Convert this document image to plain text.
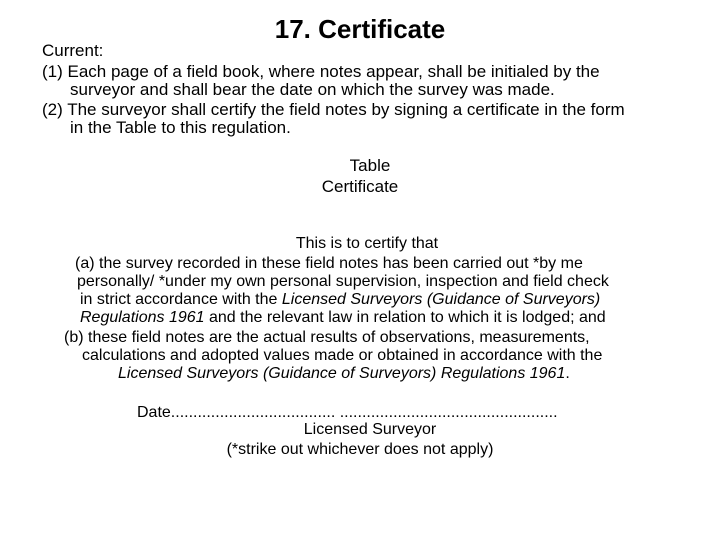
17. Certificate
Current:
(1) Each page of a field book, where notes appear, shall be initialed by the
surveyor and shall bear the date on which the survey was made.
(2) The surveyor shall certify the field notes by signing a certificate in the form
in the Table to this regulation.
Table
Certificate
This is to certify that
(a) the survey recorded in these field notes has been carried out *by me
personally/ *under my own personal supervision, inspection and field check
in strict accordance with the Licensed Surveyors (Guidance of Surveyors)
Regulations 1961 and the relevant law in relation to which it is lodged; and
(b) these field notes are the actual results of observations, measurements,
calculations and adopted values made or obtained in accordance with the
Licensed Surveyors (Guidance of Surveyors) Regulations 1961.
Date..................................... .................................................
Licensed Surveyor
(*strike out whichever does not apply)
